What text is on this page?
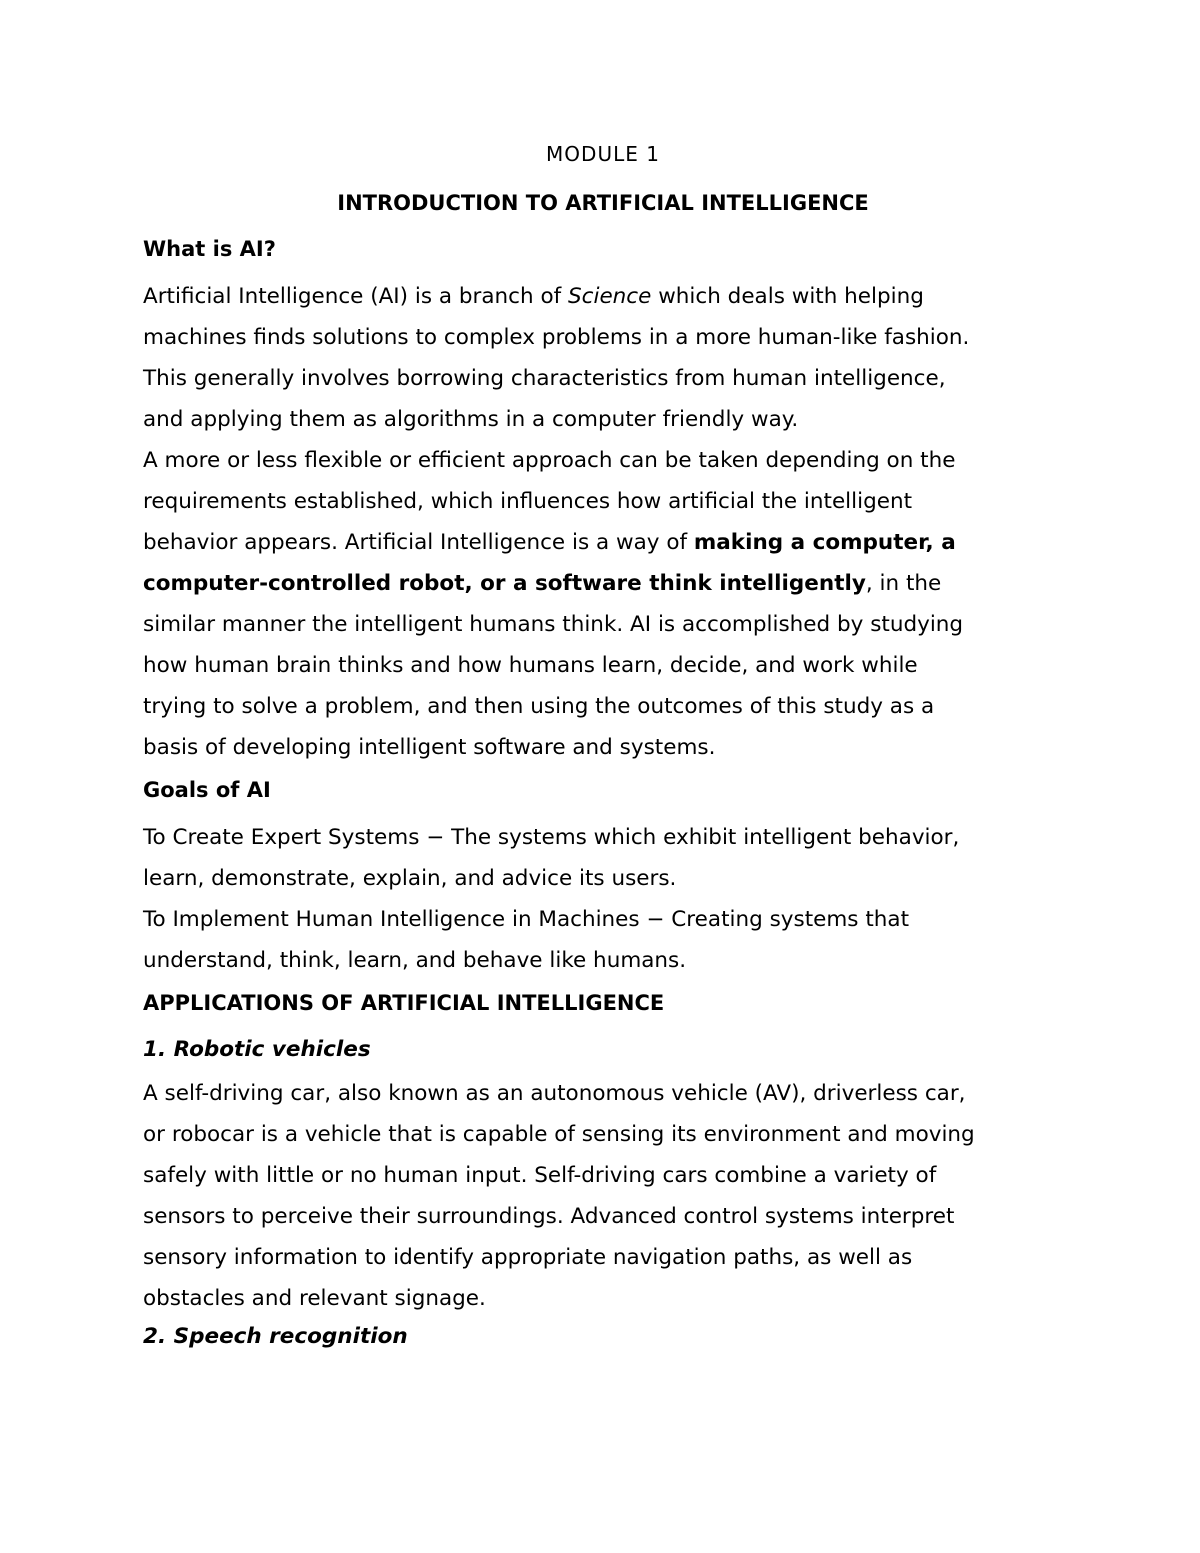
MODULE 1

INTRODUCTION TO ARTIFICIAL INTELLIGENCE

What is AI?

Artificial Intelligence (AI) is a branch of Science which deals with helping

machines finds solutions to complex problems in a more human-like fashion.

This generally involves borrowing characteristics from human intelligence,

and applying them as algorithms in a computer friendly way.

A more or less flexible or efficient approach can be taken depending on the

requirements established, which influences how artificial the intelligent

behavior appears. Artificial Intelligence is a way of making a computer, a

computer-controlled robot, or a software think intelligently, in the

similar manner the intelligent humans think. AI is accomplished by studying

how human brain thinks and how humans learn, decide, and work while

trying to solve a problem, and then using the outcomes of this study as a

basis of developing intelligent software and systems.

Goals of AI

To Create Expert Systems − The systems which exhibit intelligent behavior,

learn, demonstrate, explain, and advice its users.

To Implement Human Intelligence in Machines − Creating systems that

understand, think, learn, and behave like humans.

APPLICATIONS OF ARTIFICIAL INTELLIGENCE

1. Robotic vehicles

A self-driving car, also known as an autonomous vehicle (AV), driverless car,

or robocar is a vehicle that is capable of sensing its environment and moving

safely with little or no human input. Self-driving cars combine a variety of

sensors to perceive their surroundings. Advanced control systems interpret

sensory information to identify appropriate navigation paths, as well as

obstacles and relevant signage.

2. Speech recognition
